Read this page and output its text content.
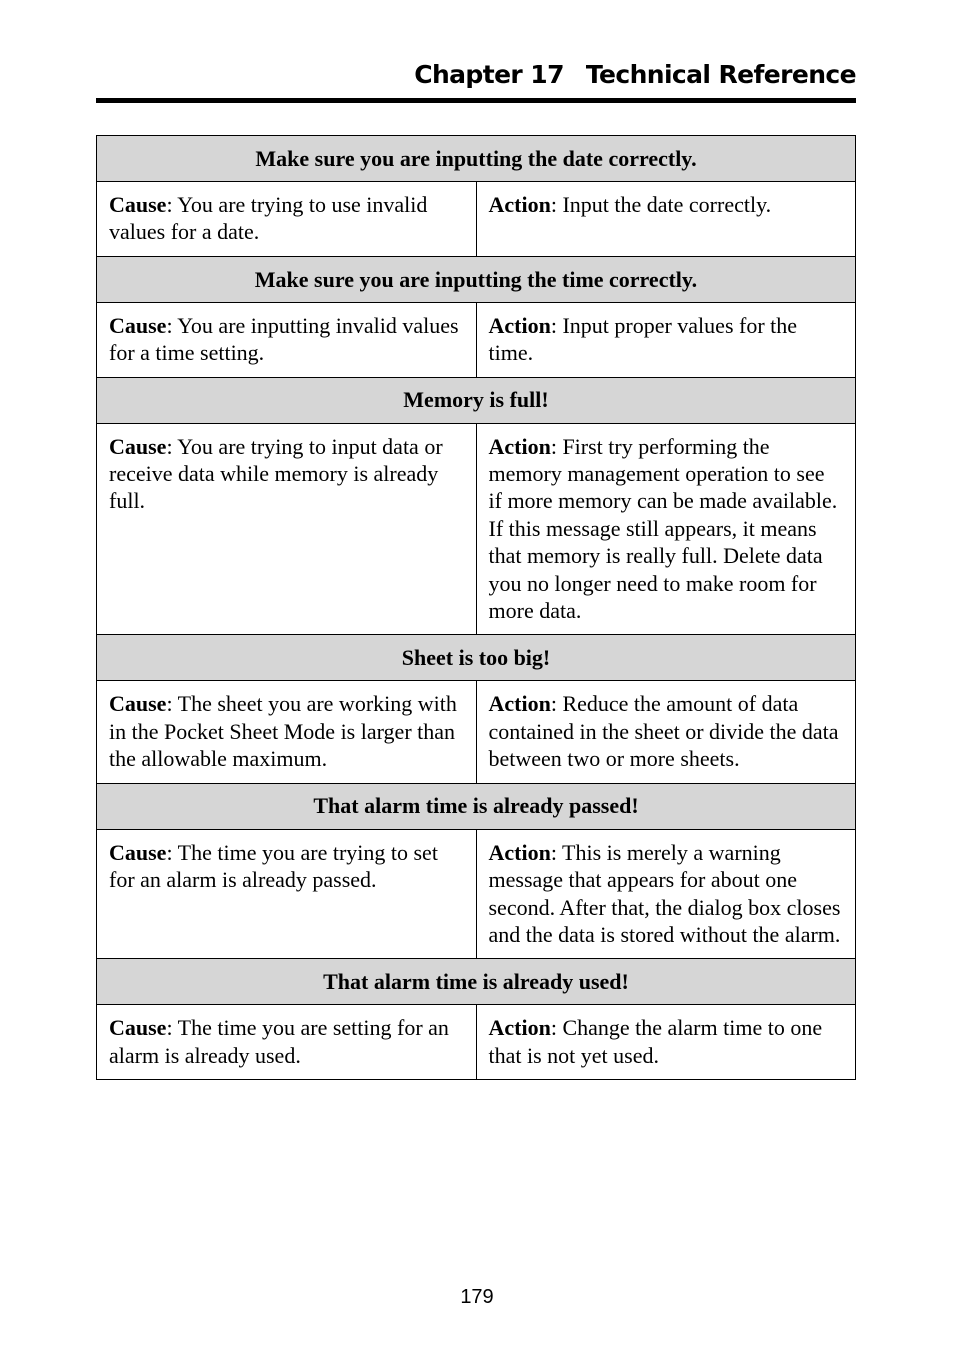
Chapter 17 Technical Reference
Make sure you are inputting the date correctly.	
Cause: You are trying to use invalid values for a date.	Action: Input the date correctly.
Make sure you are inputting the time correctly.	
Cause: You are inputting invalid values for a time setting.	Action: Input proper values for the time.
Memory is full!	
Cause: You are trying to input data or receive data while memory is already full.	Action: First try performing the memory management operation to see if more memory can be made available. If this message still appears, it means that memory is really full. Delete data you no longer need to make room for more data.
Sheet is too big!	
Cause: The sheet you are working with in the Pocket Sheet Mode is larger than the allowable maximum.	Action: Reduce the amount of data contained in the sheet or divide the data between two or more sheets.
That alarm time is already passed!	
Cause: The time you are trying to set for an alarm is already passed.	Action: This is merely a warning message that appears for about one second. After that, the dialog box closes and the data is stored without the alarm.
That alarm time is already used!	
Cause: The time you are setting for an alarm is already used.	Action: Change the alarm time to one that is not yet used.
179
